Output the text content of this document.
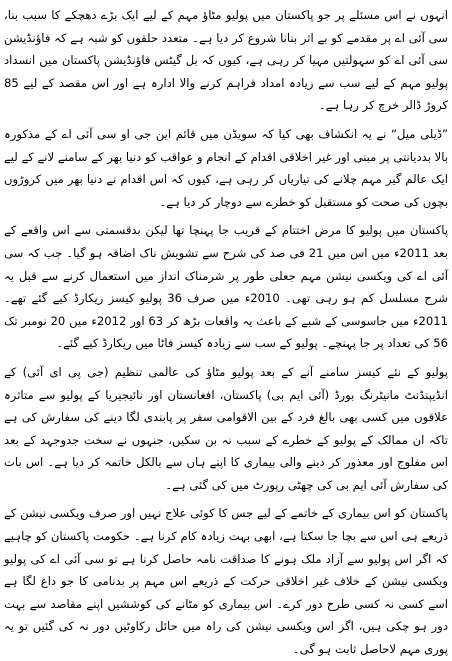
انہوں نے اس مسئلے پر جو پاکستان میں پولیو مٹاؤ مہم کے لیے ایک بڑے دھچکے کا سبب بنا، سی آئی اے پر مقدمے کو بے اثر بنانا شروع کر دیا ہے۔ متعدد حلقوں کو شبہ ہے کہ فاؤنڈیشن سی آئی اے کو سہولتیں مہیا کر رہی ہے، کیوں کہ بل گیٹس فاؤنڈیشن پاکستان میں انسداد پولیو مہم کے لیے سب سے زیادہ امداد فراہم کرنے والا ادارہ ہے اور اس مقصد کے لیے 85 کروڑ ڈالر خرچ کر رہا ہے۔

”ڈیلی میل“ نے یہ انکشاف بھی کیا کہ سویڈن میں قائم این جی او سی آئی اے کے مذکورہ بالا بددیانتی پر مبنی اور غیر اخلاقی اقدام کے انجام و عواقب کو دنیا بھر کے سامنے لانے کے لیے ایک عالم گیر مہم چلانے کی تیاریاں کر رہی ہے، کیوں کہ اس اقدام نے دنیا بھر میں کروڑوں بچوں کی صحت کو مستقبل کو خطرے سے دوچار کر دیا ہے۔

پاکستان میں پولیو کا مرض اختتام کے قریب جا پہنچا تھا لیکن بدقسمتی سے اس واقعے کے بعد 2011ء میں اس میں 21 فی صد کی شرح سے تشویش ناک اضافہ ہو گیا۔ جب کہ سی آئی اے کی ویکسی نیشن مہم جعلی طور پر شرمناک انداز میں استعمال کرنے سے قبل یہ شرح مسلسل کم ہو رہی تھی۔ 2010ء میں صرف 36 پولیو کیسز ریکارڈ کیے گئے تھے۔ 2011ء میں جاسوسی کے شبے کے باعث یہ واقعات بڑھ کر 63 اور 2012ء میں 20 نومبر تک 56 کی تعداد پر جا پہنچے۔ پولیو کے سب سے زیادہ کیسز فاٹا میں ریکارڈ کیے گئے۔

پولیو کے نئے کیسز سامنے آنے کے بعد پولیو مٹاؤ کی عالمی تنظیم (جی پی ای آئی) کے انڈیپنڈنٹ مانیٹرنگ بورڈ (آئی ایم بی) پاکستان، افغانستان اور نائیجیریا کے پولیو سے متاثرہ علاقوں میں کسی بھی بالغ فرد کے بین الاقوامی سفر پر پابندی لگا دینے کی سفارش کی ہے تاکہ ان ممالک کے پولیو کے خطرے کے سبب نہ بن سکیں، جنہوں نے سخت جدوجہد کے بعد اس مفلوج اور معذور کر دینے والی بیماری کا اپنے ہاں سے بالکل خاتمہ کر دیا ہے۔ اس بات کی سفارش آئی ایم بی کی چھٹی رپورٹ میں کی گئی ہے۔

پاکستان کو اس بیماری کے خاتمے کے لیے جس کا کوئی علاج نہیں اور صرف ویکسی نیشن کے ذریعے ہی اس سے بچا جا سکتا ہے، ابھی بہت زیادہ کام کرنا ہے۔ حکومت پاکستان کو چاہیے کہ اگر اس پولیو سے آزاد ملک ہونے کا صداقت نامہ حاصل کرنا ہے تو سی آئی اے کی پولیو ویکسی نیشن کے خلاف غیر اخلاقی حرکت کے ذریعے اس مہم پر بدنامی کا جو داغ لگا ہے اسے کسی نہ کسی طرح دور کرے۔ اس بیماری کو مٹانے کی کوششیں اپنے مقاصد سے بہت دور ہو چکی ہیں، اگر اس ویکسی نیشن کی راہ میں حائل رکاوٹیں دور نہ کی گئیں تو یہ پوری مہم لاحاصل ثابت ہو گی۔
